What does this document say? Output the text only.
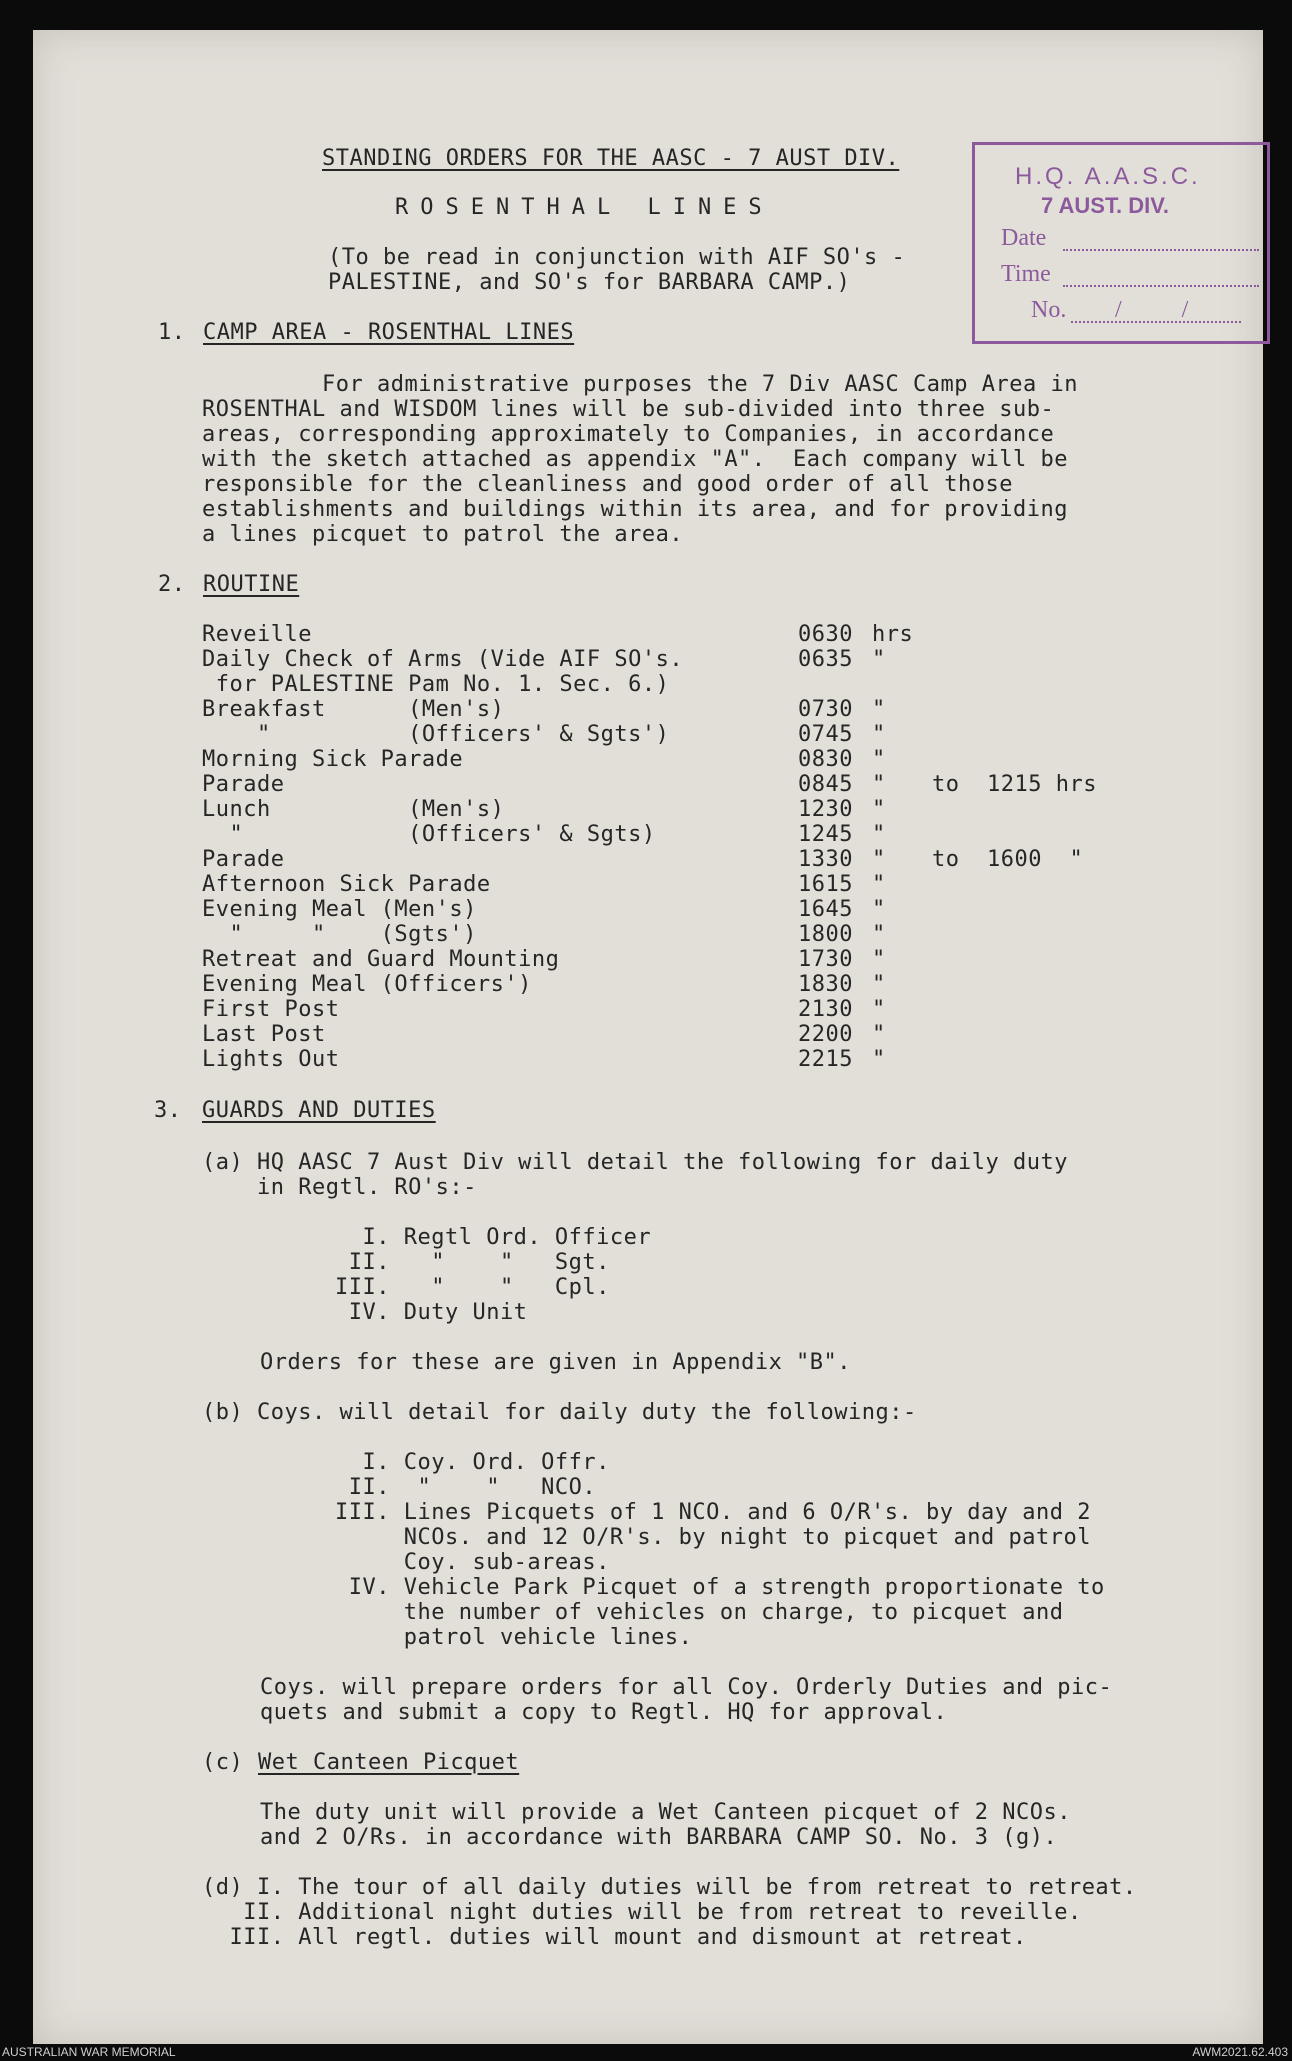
STANDING ORDERS FOR THE AASC - 7 AUST DIV.
ROSENTHAL LINES
(To be read in conjunction with AIF SO's -
PALESTINE, and SO's for BARBARA CAMP.)
H.Q. A.A.S.C.
7 AUST. DIV.
Date
Time
No. /          /
1. CAMP AREA - ROSENTHAL LINES
For administrative purposes the 7 Div AASC Camp Area in
ROSENTHAL and WISDOM lines will be sub-divided into three sub-
areas, corresponding approximately to Companies, in accordance
with the sketch attached as appendix "A".  Each company will be
responsible for the cleanliness and good order of all those
establishments and buildings within its area, and for providing
a lines picquet to patrol the area.
2. ROUTINE
Reveille	0630 hrs
Daily Check of Arms (Vide AIF SO's.	0635 "
for PALESTINE Pam No. 1. Sec. 6.)
Breakfast      (Men's)	0730 "
"          (Officers' & Sgts')	0745 "
Morning Sick Parade	0830 "
Parade	0845 " to  1215 hrs
Lunch          (Men's)	1230 "
"            (Officers' & Sgts)	1245 "
Parade	1330 " to  1600  "
Afternoon Sick Parade	1615 "
Evening Meal (Men's)	1645 "
"     "    (Sgts')	1800 "
Retreat and Guard Mounting	1730 "
Evening Meal (Officers')	1830 "
First Post	2130 "
Last Post	2200 "
Lights Out	2215 "
3. GUARDS AND DUTIES
(a) HQ AASC 7 Aust Div will detail the following for daily duty
in Regtl. RO's:-
I. Regtl Ord. Officer
II.   "    "   Sgt.
III.   "    "   Cpl.
IV. Duty Unit
Orders for these are given in Appendix "B".
(b) Coys. will detail for daily duty the following:-
I. Coy. Ord. Offr.
II.  "    "   NCO.
III. Lines Picquets of 1 NCO. and 6 O/R's. by day and 2
NCOs. and 12 O/R's. by night to picquet and patrol
Coy. sub-areas.
IV. Vehicle Park Picquet of a strength proportionate to
the number of vehicles on charge, to picquet and
patrol vehicle lines.
Coys. will prepare orders for all Coy. Orderly Duties and pic-
quets and submit a copy to Regtl. HQ for approval.
(c) Wet Canteen Picquet
The duty unit will provide a Wet Canteen picquet of 2 NCOs.
and 2 O/Rs. in accordance with BARBARA CAMP SO. No. 3 (g).
(d) I. The tour of all daily duties will be from retreat to retreat.
II. Additional night duties will be from retreat to reveille.
III. All regtl. duties will mount and dismount at retreat.
AUSTRALIAN WAR MEMORIAL	AWM2021.62.403
